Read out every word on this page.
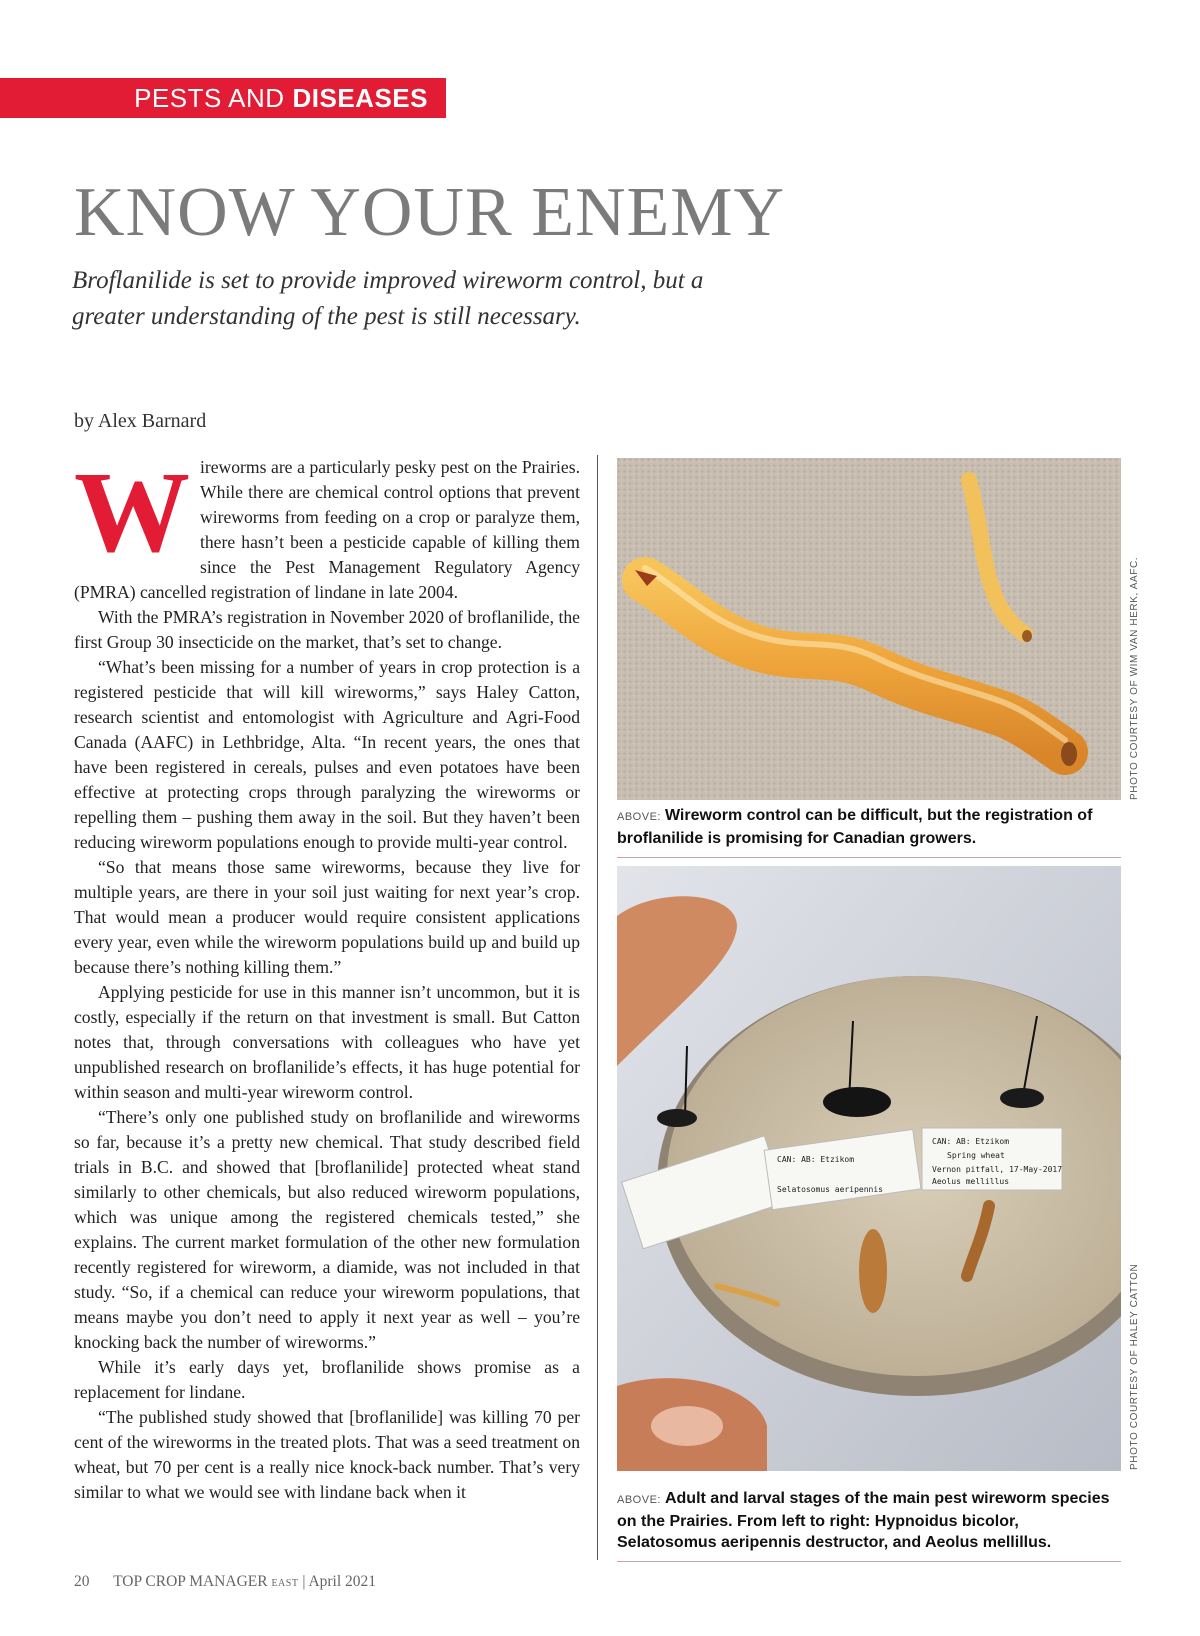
PESTS AND DISEASES
KNOW YOUR ENEMY

Broflanilide is set to provide improved wireworm control, but a greater understanding of the pest is still necessary.

by Alex Barnard

Wireworms are a particularly pesky pest on the Prairies. While there are chemical control options that prevent wireworms from feeding on a crop or paralyze them, there hasn’t been a pesticide capable of killing them since the Pest Management Regulatory Agency (PMRA) cancelled registration of lindane in late 2004.

With the PMRA’s registration in November 2020 of broflanilide, the first Group 30 insecticide on the market, that’s set to change.

“What’s been missing for a number of years in crop protection is a registered pesticide that will kill wireworms,” says Haley Catton, research scientist and entomologist with Agriculture and Agri-Food Canada (AAFC) in Lethbridge, Alta. “In recent years, the ones that have been registered in cereals, pulses and even potatoes have been effective at protecting crops through paralyzing the wireworms or repelling them – pushing them away in the soil. But they haven’t been reducing wireworm populations enough to provide multi-year control.

“So that means those same wireworms, because they live for multiple years, are there in your soil just waiting for next year’s crop. That would mean a producer would require consistent applications every year, even while the wireworm populations build up and build up because there’s nothing killing them.”

Applying pesticide for use in this manner isn’t uncommon, but it is costly, especially if the return on that investment is small. But Catton notes that, through conversations with colleagues who have yet unpublished research on broflanilide’s effects, it has huge potential for within season and multi-year wireworm control.

“There’s only one published study on broflanilide and wireworms so far, because it’s a pretty new chemical. That study described field trials in B.C. and showed that [broflanilide] protected wheat stand similarly to other chemicals, but also reduced wireworm populations, which was unique among the registered chemicals tested,” she explains. The current market formulation of the other new formulation recently registered for wireworm, a diamide, was not included in that study. “So, if a chemical can reduce your wireworm populations, that means maybe you don’t need to apply it next year as well – you’re knocking back the number of wireworms.”

While it’s early days yet, broflanilide shows promise as a replacement for lindane.

“The published study showed that [broflanilide] was killing 70 per cent of the wireworms in the treated plots. That was a seed treatment on wheat, but 70 per cent is a really nice knock-back number. That’s very similar to what we would see with lindane back when it

PHOTO COURTESY OF WIM VAN HERK, AAFC.
ABOVE: Wireworm control can be difficult, but the registration of broflanilide is promising for Canadian growers.
CAN: AB: Etzikom
CAN: AB: Etzikom
Spring wheat
Vernon pitfall, 17-May-2017
Selatosomus aeripennis
Aeolus mellillus
PHOTO COURTESY OF HALEY CATTON
ABOVE: Adult and larval stages of the main pest wireworm species on the Prairies. From left to right: Hypnoidus bicolor, Selatosomus aeripennis destructor, and Aeolus mellillus.
20 TOP CROP MANAGER EAST | April 2021
